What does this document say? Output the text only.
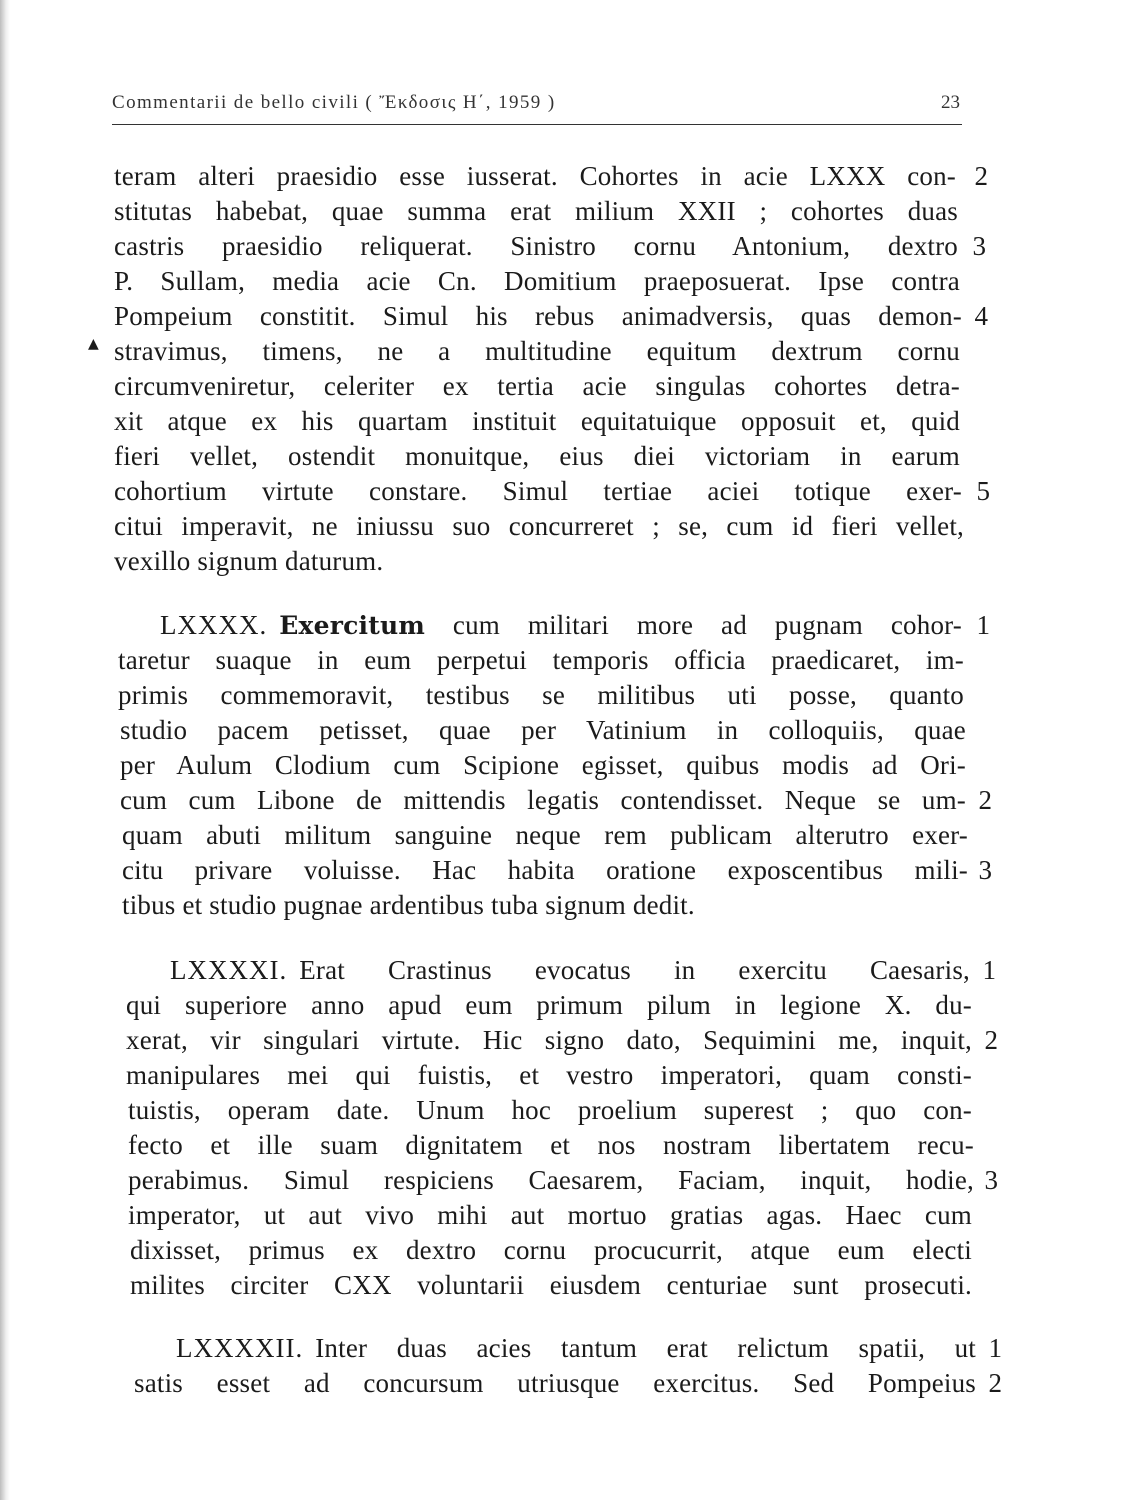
Commentarii de bello civili ( Ἔκδοσις Η΄, 1959 )	23
teram alteri praesidio esse iusserat. Cohortes in acie LXXX con-
stitutas habebat, quae summa erat milium XXII ; cohortes duas
castris praesidio reliquerat. Sinistro cornu Antonium, dextro
P. Sullam, media acie Cn. Domitium praeposuerat. Ipse contra
Pompeium constitit. Simul his rebus animadversis, quas demon-
stravimus, timens, ne a multitudine equitum dextrum cornu
circumveniretur, celeriter ex tertia acie singulas cohortes detra-
xit atque ex his quartam instituit equitatuique opposuit et, quid
fieri vellet, ostendit monuitque, eius diei victoriam in earum
cohortium virtute constare. Simul tertiae aciei totique exer-
citui imperavit, ne iniussu suo concurreret ; se, cum id fieri vellet,
vexillo signum daturum.
▲
2
3
4
5
LXXXX. Exercitum cum militari more ad pugnam cohor-
taretur suaque in eum perpetui temporis officia praedicaret, im-
primis commemoravit, testibus se militibus uti posse, quanto
studio pacem petisset, quae per Vatinium in colloquiis, quae
per Aulum Clodium cum Scipione egisset, quibus modis ad Ori-
cum cum Libone de mittendis legatis contendisset. Neque se um-
quam abuti militum sanguine neque rem publicam alterutro exer-
citu privare voluisse. Hac habita oratione exposcentibus mili-
tibus et studio pugnae ardentibus tuba signum dedit.
1
2
3
LXXXXI. Erat Crastinus evocatus in exercitu Caesaris,
qui superiore anno apud eum primum pilum in legione X. du-
xerat, vir singulari virtute. Hic signo dato, Sequimini me, inquit,
manipulares mei qui fuistis, et vestro imperatori, quam consti-
tuistis, operam date. Unum hoc proelium superest ; quo con-
fecto et ille suam dignitatem et nos nostram libertatem recu-
perabimus. Simul respiciens Caesarem, Faciam, inquit, hodie,
imperator, ut aut vivo mihi aut mortuo gratias agas. Haec cum
dixisset, primus ex dextro cornu procucurrit, atque eum electi
milites circiter CXX voluntarii eiusdem centuriae sunt prosecuti.
1
2
3
LXXXXII. Inter duas acies tantum erat relictum spatii, ut
satis esset ad concursum utriusque exercitus. Sed Pompeius
1
2
